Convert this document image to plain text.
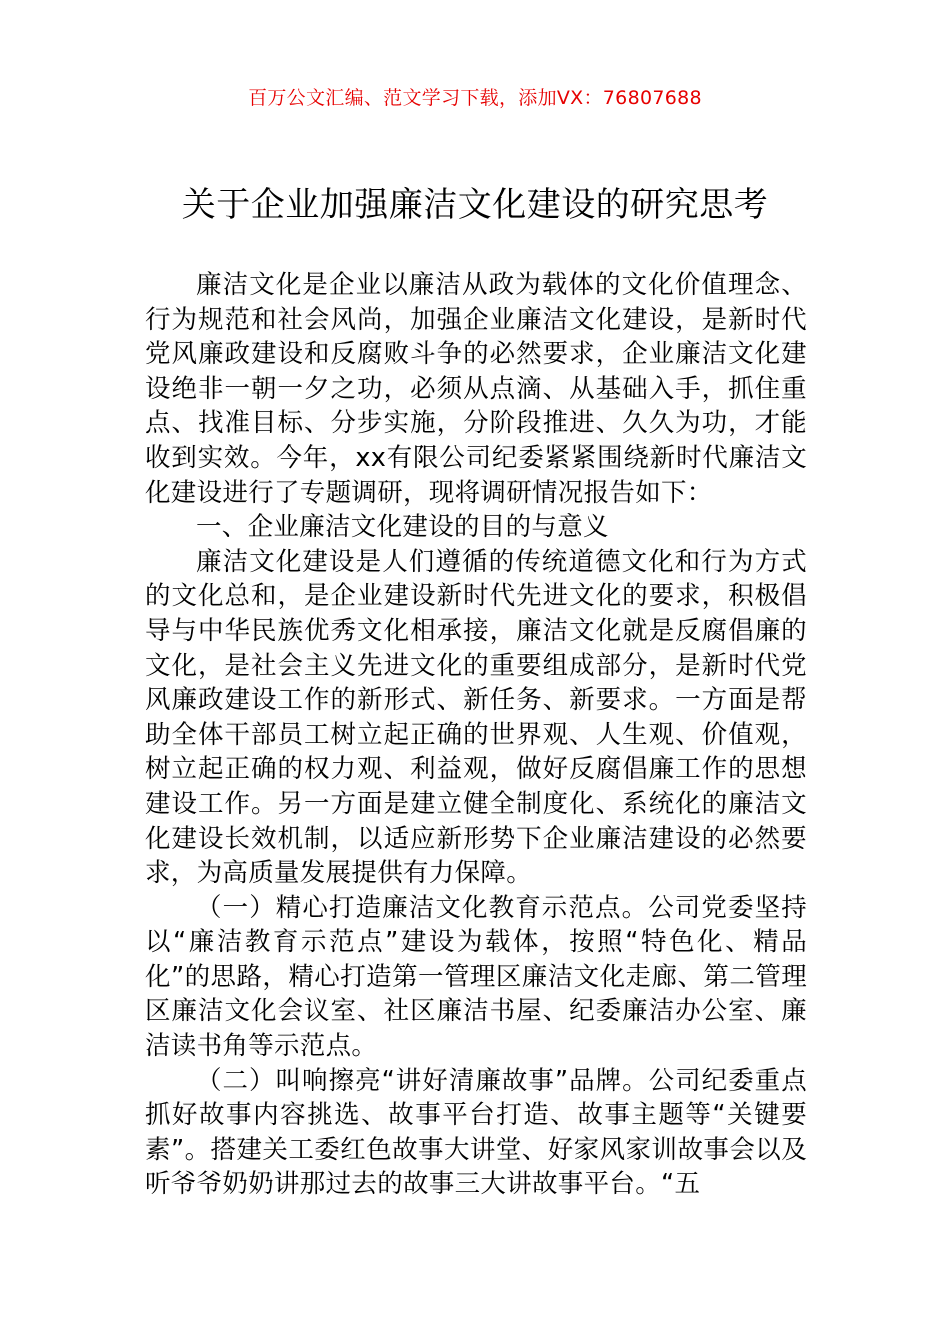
百万公文汇编、范文学习下载，添加VX：76807688
关于企业加强廉洁文化建设的研究思考

廉洁文化是企业以廉洁从政为载体的文化价值理念、行为规范和社会风尚，加强企业廉洁文化建设，是新时代党风廉政建设和反腐败斗争的必然要求，企业廉洁文化建设绝非一朝一夕之功，必须从点滴、从基础入手，抓住重点、找准目标、分步实施，分阶段推进、久久为功，才能收到实效。今年，xx有限公司纪委紧紧围绕新时代廉洁文化建设进行了专题调研，现将调研情况报告如下：

一、企业廉洁文化建设的目的与意义

廉洁文化建设是人们遵循的传统道德文化和行为方式的文化总和，是企业建设新时代先进文化的要求，积极倡导与中华民族优秀文化相承接，廉洁文化就是反腐倡廉的文化，是社会主义先进文化的重要组成部分，是新时代党风廉政建设工作的新形式、新任务、新要求。一方面是帮助全体干部员工树立起正确的世界观、人生观、价值观，树立起正确的权力观、利益观，做好反腐倡廉工作的思想建设工作。另一方面是建立健全制度化、系统化的廉洁文化建设长效机制，以适应新形势下企业廉洁建设的必然要求，为高质量发展提供有力保障。

（一）精心打造廉洁文化教育示范点。公司党委坚持以“廉洁教育示范点”建设为载体，按照“特色化、精品化”的思路，精心打造第一管理区廉洁文化走廊、第二管理区廉洁文化会议室、社区廉洁书屋、纪委廉洁办公室、廉洁读书角等示范点。

（二）叫响擦亮“讲好清廉故事”品牌。公司纪委重点抓好故事内容挑选、故事平台打造、故事主题等“关键要素”。搭建关工委红色故事大讲堂、好家风家训故事会以及听爷爷奶奶讲那过去的故事三大讲故事平台。“五
